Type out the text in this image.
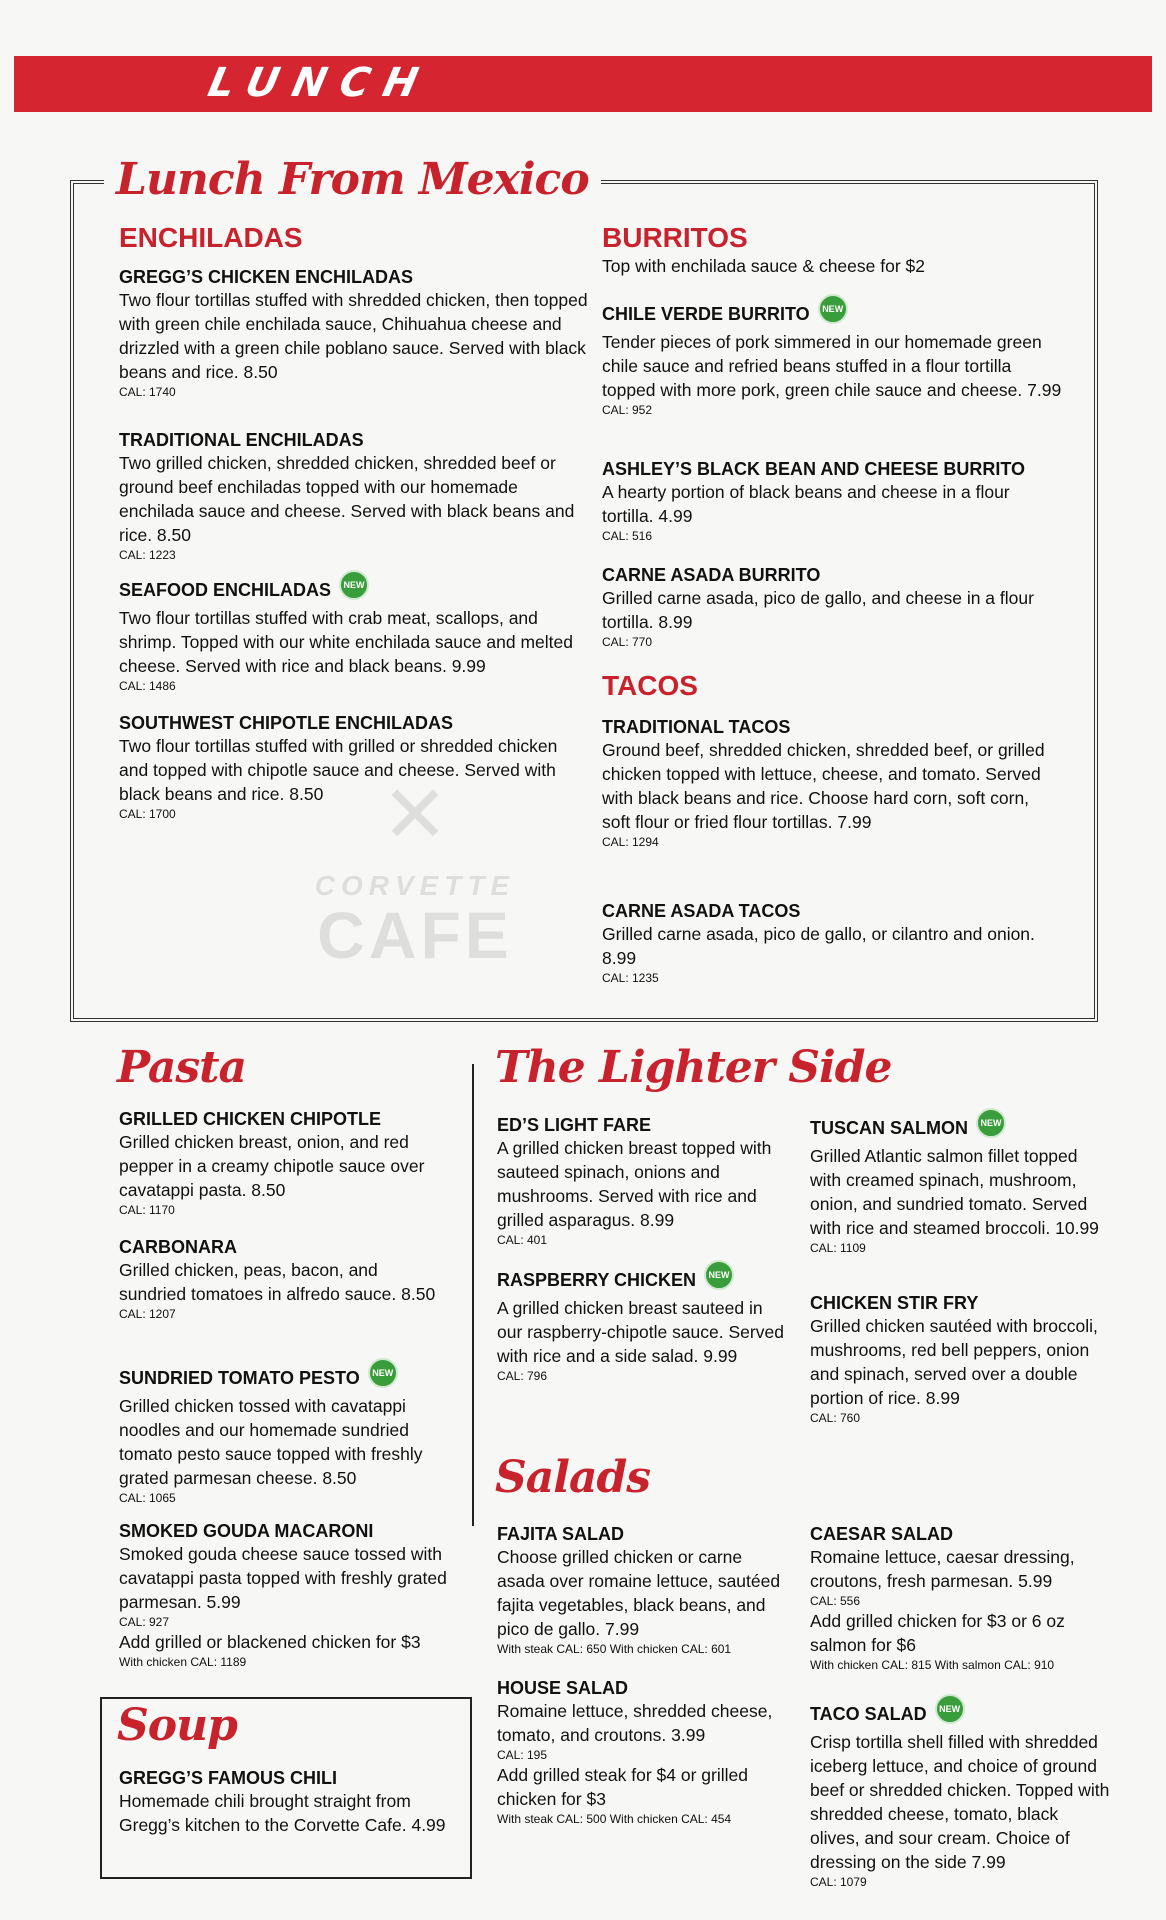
LUNCH
Lunch From Mexico
✕
CORVETTE
CAFE
ENCHILADAS
GREGG’S CHICKEN ENCHILADAS
Two flour tortillas stuffed with shredded chicken, then topped with green chile enchilada sauce, Chihuahua cheese and drizzled with a green chile poblano sauce. Served with black beans and rice. 8.50
CAL: 1740
TRADITIONAL ENCHILADAS
Two grilled chicken, shredded chicken, shredded beef or ground beef enchiladas topped with our homemade enchilada sauce and cheese. Served with black beans and rice. 8.50
CAL: 1223
SEAFOOD ENCHILADAS NEW
Two flour tortillas stuffed with crab meat, scallops, and shrimp. Topped with our white enchilada sauce and melted cheese. Served with rice and black beans. 9.99
CAL: 1486
SOUTHWEST CHIPOTLE ENCHILADAS
Two flour tortillas stuffed with grilled or shredded chicken and topped with chipotle sauce and cheese. Served with black beans and rice. 8.50
CAL: 1700
BURRITOS
Top with enchilada sauce & cheese for $2
CHILE VERDE BURRITO NEW
Tender pieces of pork simmered in our homemade green chile sauce and refried beans stuffed in a flour tortilla topped with more pork, green chile sauce and cheese. 7.99
CAL: 952
ASHLEY’S BLACK BEAN AND CHEESE BURRITO
A hearty portion of black beans and cheese in a flour tortilla. 4.99
CAL: 516
CARNE ASADA BURRITO
Grilled carne asada, pico de gallo, and cheese in a flour tortilla. 8.99
CAL: 770
TACOS
TRADITIONAL TACOS
Ground beef, shredded chicken, shredded beef, or grilled chicken topped with lettuce, cheese, and tomato. Served with black beans and rice. Choose hard corn, soft corn, soft flour or fried flour tortillas. 7.99
CAL: 1294
CARNE ASADA TACOS
Grilled carne asada, pico de gallo, or cilantro and onion. 8.99
CAL: 1235
Pasta
GRILLED CHICKEN CHIPOTLE
Grilled chicken breast, onion, and red pepper in a creamy chipotle sauce over cavatappi pasta. 8.50
CAL: 1170
CARBONARA
Grilled chicken, peas, bacon, and sundried tomatoes in alfredo sauce. 8.50
CAL: 1207
SUNDRIED TOMATO PESTO NEW
Grilled chicken tossed with cavatappi noodles and our homemade sundried tomato pesto sauce topped with freshly grated parmesan cheese. 8.50
CAL: 1065
SMOKED GOUDA MACARONI
Smoked gouda cheese sauce tossed with cavatappi pasta topped with freshly grated parmesan. 5.99
CAL: 927
Add grilled or blackened chicken for $3
With chicken CAL: 1189
Soup
GREGG’S FAMOUS CHILI
Homemade chili brought straight from Gregg’s kitchen to the Corvette Cafe. 4.99
The Lighter Side
ED’S LIGHT FARE
A grilled chicken breast topped with sauteed spinach, onions and mushrooms. Served with rice and grilled asparagus. 8.99
CAL: 401
RASPBERRY CHICKEN NEW
A grilled chicken breast sauteed in our raspberry-chipotle sauce. Served with rice and a side salad. 9.99
CAL: 796
TUSCAN SALMON NEW
Grilled Atlantic salmon fillet topped with creamed spinach, mushroom, onion, and sundried tomato. Served with rice and steamed broccoli. 10.99
CAL: 1109
CHICKEN STIR FRY
Grilled chicken sautéed with broccoli, mushrooms, red bell peppers, onion and spinach, served over a double portion of rice. 8.99
CAL: 760
Salads
FAJITA SALAD
Choose grilled chicken or carne asada over romaine lettuce, sautéed fajita vegetables, black beans, and pico de gallo. 7.99
With steak CAL: 650 With chicken CAL: 601
HOUSE SALAD
Romaine lettuce, shredded cheese, tomato, and croutons. 3.99
CAL: 195
Add grilled steak for $4 or grilled chicken for $3
With steak CAL: 500 With chicken CAL: 454
CAESAR SALAD
Romaine lettuce, caesar dressing, croutons, fresh parmesan. 5.99
CAL: 556
Add grilled chicken for $3 or 6 oz salmon for $6
With chicken CAL: 815 With salmon CAL: 910
TACO SALAD NEW
Crisp tortilla shell filled with shredded iceberg lettuce, and choice of ground beef or shredded chicken. Topped with shredded cheese, tomato, black olives, and sour cream. Choice of dressing on the side 7.99
CAL: 1079
